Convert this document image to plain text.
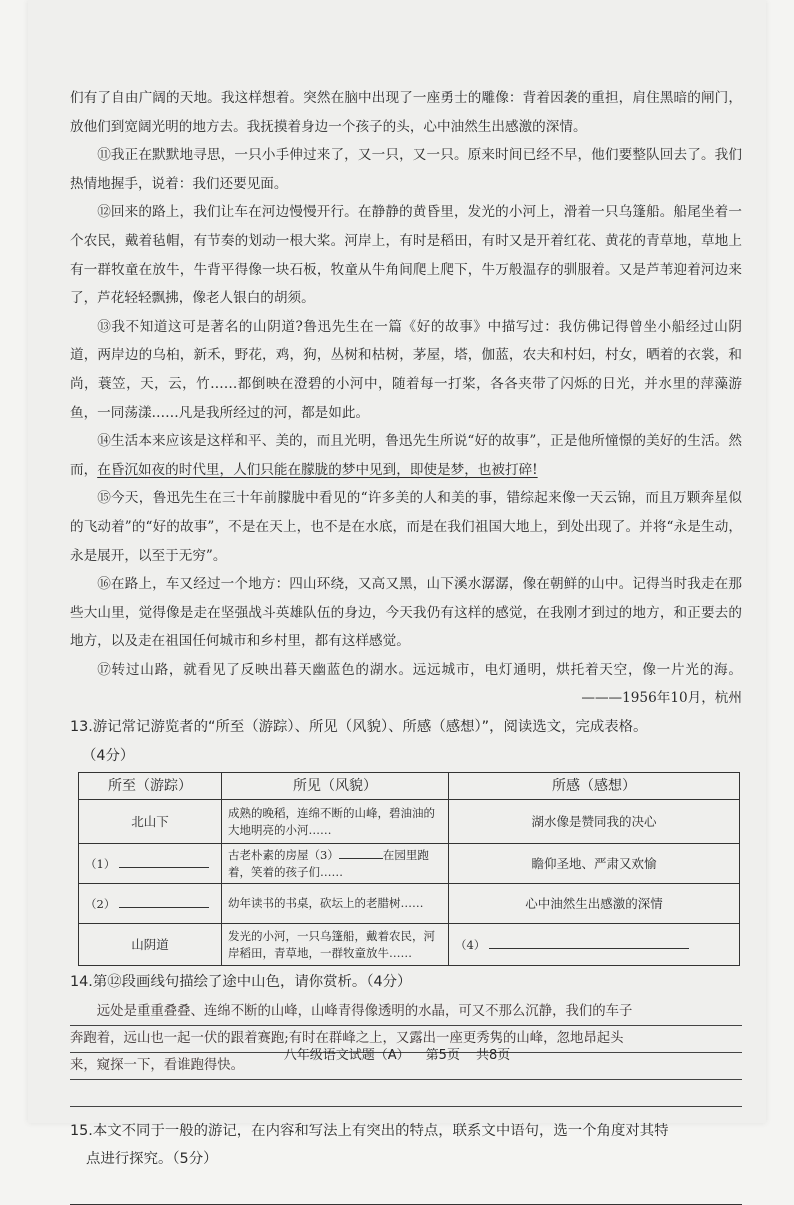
们有了自由广阔的天地。我这样想着。突然在脑中出现了一座勇士的雕像：背着因袭的重担，肩住黑暗的闸门，放他们到宽阔光明的地方去。我抚摸着身边一个孩子的头，心中油然生出感激的深情。

⑪我正在默默地寻思，一只小手伸过来了，又一只，又一只。原来时间已经不早，他们要整队回去了。我们热情地握手，说着：我们还要见面。

⑫回来的路上，我们让车在河边慢慢开行。在静静的黄昏里，发光的小河上，滑着一只乌篷船。船尾坐着一个农民，戴着毡帽，有节奏的划动一根大桨。河岸上，有时是稻田，有时又是开着红花、黄花的青草地，草地上有一群牧童在放牛，牛背平得像一块石板，牧童从牛角间爬上爬下，牛万般温存的驯服着。又是芦苇迎着河边来了，芦花轻轻飘拂，像老人银白的胡须。

⑬我不知道这可是著名的山阴道?鲁迅先生在一篇《好的故事》中描写过：我仿佛记得曾坐小船经过山阴道，两岸边的乌桕，新禾，野花，鸡，狗，丛树和枯树，茅屋，塔，伽蓝，农夫和村妇，村女，晒着的衣裳，和尚，蓑笠，天，云，竹……都倒映在澄碧的小河中，随着每一打桨，各各夹带了闪烁的日光，并水里的萍藻游鱼，一同荡漾……凡是我所经过的河，都是如此。

⑭生活本来应该是这样和平、美的，而且光明，鲁迅先生所说“好的故事”，正是他所憧憬的美好的生活。然而，在昏沉如夜的时代里，人们只能在朦胧的梦中见到，即使是梦，也被打碎!

⑮今天，鲁迅先生在三十年前朦胧中看见的“许多美的人和美的事，错综起来像一天云锦，而且万颗奔星似的飞动着”的“好的故事”，不是在天上，也不是在水底，而是在我们祖国大地上，到处出现了。并将“永是生动，永是展开，以至于无穷”。

⑯在路上，车又经过一个地方：四山环绕，又高又黑，山下溪水潺潺，像在朝鲜的山中。记得当时我走在那些大山里，觉得像是走在坚强战斗英雄队伍的身边，今天我仍有这样的感觉，在我刚才到过的地方，和正要去的地方，以及走在祖国任何城市和乡村里，都有这样感觉。

⑰转过山路，就看见了反映出暮天幽蓝色的湖水。远远城市，电灯通明，烘托着天空，像一片光的海。———1956年10月，杭州

13.游记常记游览者的“所至（游踪）、所见（风貌）、所感（感想）”，阅读选文，完成表格。
（4分）

所至（游踪）	所见（风貌）	所感（感想）
北山下	成熟的晚稻，连绵不断的山峰，碧油油的大地明亮的小河……	湖水像是赞同我的决心
（1）	古老朴素的房屋（3） 在园里跑着，笑着的孩子们……	瞻仰圣地、严肃又欢愉
（2）	幼年读书的书桌，砍坛上的老腊树……	心中油然生出感激的深情
山阴道	发光的小河，一只乌篷船，戴着农民，河岸稻田，青草地，一群牧童放牛……	（4）

14.第⑫段画线句描绘了途中山色，请你赏析。（4分）

远处是重重叠叠、连绵不断的山峰，山峰青得像透明的水晶，可又不那么沉静，我们的车子
奔跑着，远山也一起一伏的跟着赛跑;有时在群峰之上，又露出一座更秀隽的山峰，忽地昂起头
来，窥探一下，看谁跑得快。

15.本文不同于一般的游记，在内容和写法上有突出的特点，联系文中语句，选一个角度对其特
点进行探究。（5分）

八年级语文试题（A） 第5页 共8页
